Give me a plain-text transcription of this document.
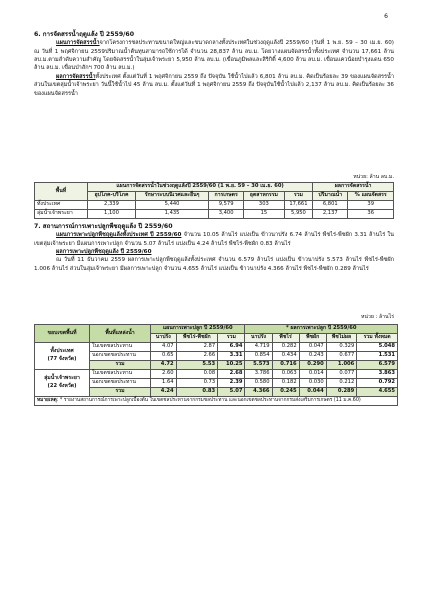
6
6. การจัดสรรน้ำฤดูแล้ง ปี 2559/60
แผนการจัดสรรน้ำจากโครงการชลประทานขนาดใหญ่และขนาดกลางทั้งประเทศในช่วงฤดูแล้งปี 2559/60 (วันที่ 1 พ.ย. 59 – 30 เม.ย. 60) ณ วันที่ 1 พฤศจิกายน 2559ปริมาณน้ำต้นทุนสามารถใช้การได้ จำนวน 28,837 ล้าน ลบ.ม. โดยวางแผนจัดสรรน้ำทั้งประเทศ จำนวน 17,661 ล้าน ลบ.ม.ตามลำดับความสำคัญ โดยจัดสรรน้ำในลุ่มเจ้าพระยา 5,950 ล้าน ลบ.ม. (เขื่อนภูมิพลและสิริกิติ์ 4,600 ล้าน ลบ.ม. เขื่อนแควน้อยบำรุงแดน 650 ล้าน ลบ.ม. เขื่อนป่าสักฯ 700 ล้าน ลบ.ม.)
ผลการจัดสรรน้ำทั้งประเทศ ตั้งแต่วันที่ 1 พฤศจิกายน 2559 ถึง ปัจจุบัน ใช้น้ำไปแล้ว 6,801 ล้าน ลบ.ม. คิดเป็นร้อยละ 39 ของแผนจัดสรรน้ำ ส่วนในเขตลุ่มน้ำเจ้าพระยา วันนี้ใช้น้ำไป 45 ล้าน ลบ.ม. ตั้งแต่วันที่ 1 พฤศจิกายน 2559 ถึง ปัจจุบันใช้น้ำไปแล้ว 2,137 ล้าน ลบ.ม. คิดเป็นร้อยละ 36 ของแผนจัดสรรน้ำ
หน่วย: ล้าน ลบ.ม.
พื้นที่	แผนการจัดสรรน้ำในช่วงฤดูแล้งปี 2559/60 (1 พ.ย. 59 – 30 เม.ย. 60)					ผลการจัดสรรน้ำ	
	อุปโภค-บริโภค	รักษาระบบนิเวศและอื่นๆ	การเกษตร	อุตสาหกรรม	รวม	ปริมาณน้ำ	% แผนจัดสรร
ทั้งประเทศ	2,339	5,440	9,579	303	17,661	6,801	39
ลุ่มน้ำเจ้าพระยา	1,100	1,435	3,400	15	5,950	2,137	36
7. สถานการณ์การเพาะปลูกพืชฤดูแล้ง ปี 2559/60
แผนการเพาะปลูกพืชฤดูแล้งทั้งประเทศ ปี 2559/60 จำนวน 10.05 ล้านไร่ แบ่งเป็น ข้าวนาปรัง 6.74 ล้านไร่ พืชไร่-พืชผัก 3.31 ล้านไร่ ในเขตลุ่มเจ้าพระยา มีแผนการเพาะปลูก จำนวน 5.07 ล้านไร่ แบ่งเป็น 4.24 ล้านไร่ พืชไร่-พืชผัก 0.83 ล้านไร่
ผลการเพาะปลูกพืชฤดูแล้ง ปี 2559/60
ณ วันที่ 11 ธันวาคม 2559 ผลการเพาะปลูกพืชฤดูแล้งทั้งประเทศ จำนวน 6.579 ล้านไร่ แบ่งเป็น ข้าวนาปรัง 5.573 ล้านไร่ พืชไร่-พืชผัก 1.006 ล้านไร่ ส่วนในลุ่มเจ้าพระยา มีผลการเพาะปลูก จำนวน 4.655 ล้านไร่ แบ่งเป็น ข้าวนาปรัง 4.366 ล้านไร่ พืชไร่-พืชผัก 0.289 ล้านไร่
หน่วย : ล้านไร่
ขอบเขตพื้นที่	พื้นที่แหล่งน้ำ	แผนการเพาะปลูก ปี 2559/60			* ผลการเพาะปลูก ปี 2559/60				
		นาปรัง	พืชไร่-พืชผัก	รวม	นาปรัง	พืชไร่	พืชผัก	พืชไม่ผล	รวม ทั้งหมด

ทั้งประเทศ
(77 จังหวัด)	ในเขตชลประทาน	4.07	2.87	6.94	4.719	0.282	0.047	0.329	5.048
	นอกเขตชลประทาน	0.65	2.66	3.31	0.854	0.434	0.243	0.677	1.531
	รวม	4.72	5.53	10.25	5.573	0.716	0.290	1.006	6.579

ลุ่มน้ำเจ้าพระยา
(22 จังหวัด)	ในเขตชลประทาน	2.60	0.08	2.68	3.786	0.063	0.014	0.077	3.863
	นอกเขตชลประทาน	1.64	0.73	2.39	0.580	0.182	0.030	0.212	0.792
	รวม	4.24	0.83	5.07	4.366	0.245	0.044	0.289	4.655
หมายเหตุ: * รายงานสถานการณ์การเพาะปลูกเบื้องต้น ในเขตชลประทานจากกรมชลประทาน และนอกเขตชลประทานจากกรมส่งเสริมการเกษตร (11 ม.ค.60)									
